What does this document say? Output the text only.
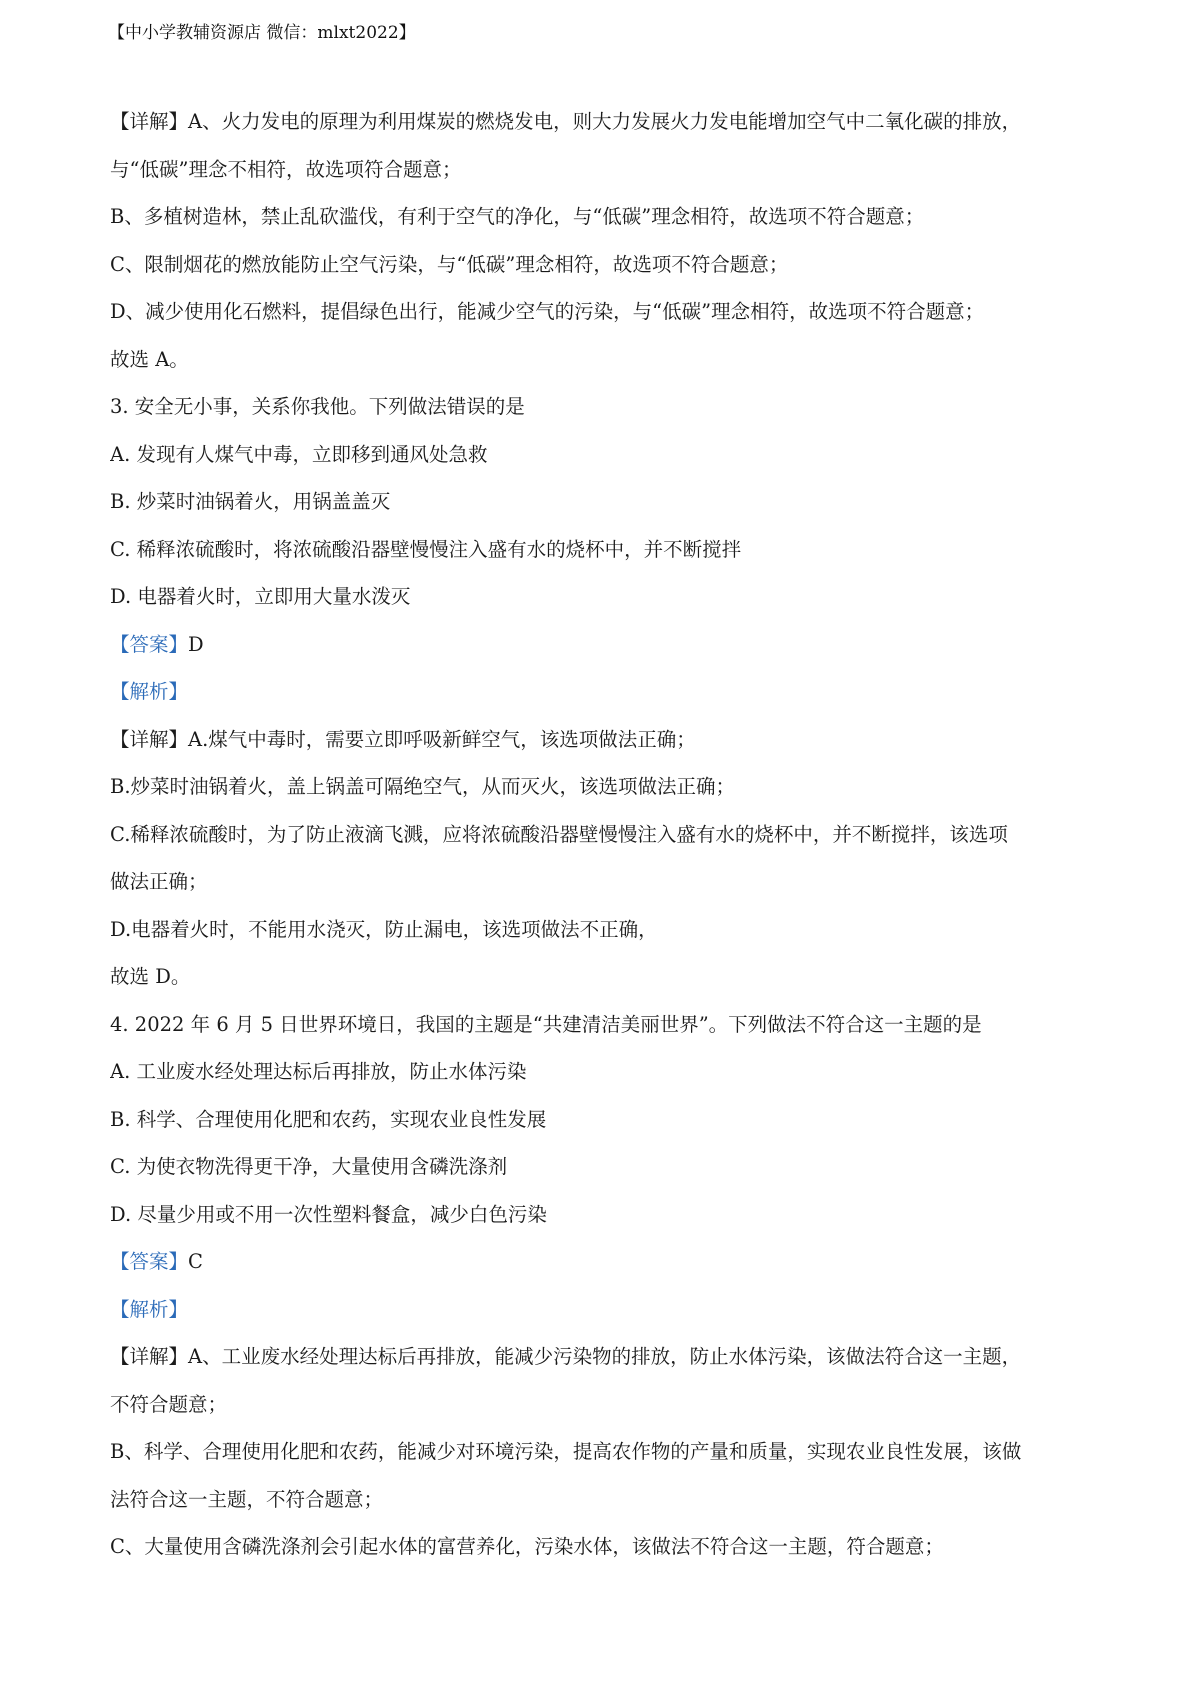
【中小学教辅资源店 微信：mlxt2022】
【详解】A、火力发电的原理为利用煤炭的燃烧发电，则大力发展火力发电能增加空气中二氧化碳的排放，
与“低碳”理念不相符，故选项符合题意；
B、多植树造林，禁止乱砍滥伐，有利于空气的净化，与“低碳”理念相符，故选项不符合题意；
C、限制烟花的燃放能防止空气污染，与“低碳”理念相符，故选项不符合题意；
D、减少使用化石燃料，提倡绿色出行，能减少空气的污染，与“低碳”理念相符，故选项不符合题意；
故选 A。
3. 安全无小事，关系你我他。下列做法错误的是
A. 发现有人煤气中毒，立即移到通风处急救
B. 炒菜时油锅着火，用锅盖盖灭
C. 稀释浓硫酸时，将浓硫酸沿器壁慢慢注入盛有水的烧杯中，并不断搅拌
D. 电器着火时，立即用大量水泼灭
【答案】D
【解析】
【详解】A.煤气中毒时，需要立即呼吸新鲜空气，该选项做法正确；
B.炒菜时油锅着火，盖上锅盖可隔绝空气，从而灭火，该选项做法正确；
C.稀释浓硫酸时，为了防止液滴飞溅，应将浓硫酸沿器壁慢慢注入盛有水的烧杯中，并不断搅拌，该选项
做法正确；
D.电器着火时，不能用水浇灭，防止漏电，该选项做法不正确，
故选 D。
4. 2022 年 6 月 5 日世界环境日，我国的主题是“共建清洁美丽世界”。下列做法不符合这一主题的是
A. 工业废水经处理达标后再排放，防止水体污染
B. 科学、合理使用化肥和农药，实现农业良性发展
C. 为使衣物洗得更干净，大量使用含磷洗涤剂
D. 尽量少用或不用一次性塑料餐盒，减少白色污染
【答案】C
【解析】
【详解】A、工业废水经处理达标后再排放，能减少污染物的排放，防止水体污染，该做法符合这一主题，
不符合题意；
B、科学、合理使用化肥和农药，能减少对环境污染，提高农作物的产量和质量，实现农业良性发展，该做
法符合这一主题，不符合题意；
C、大量使用含磷洗涤剂会引起水体的富营养化，污染水体，该做法不符合这一主题，符合题意；
